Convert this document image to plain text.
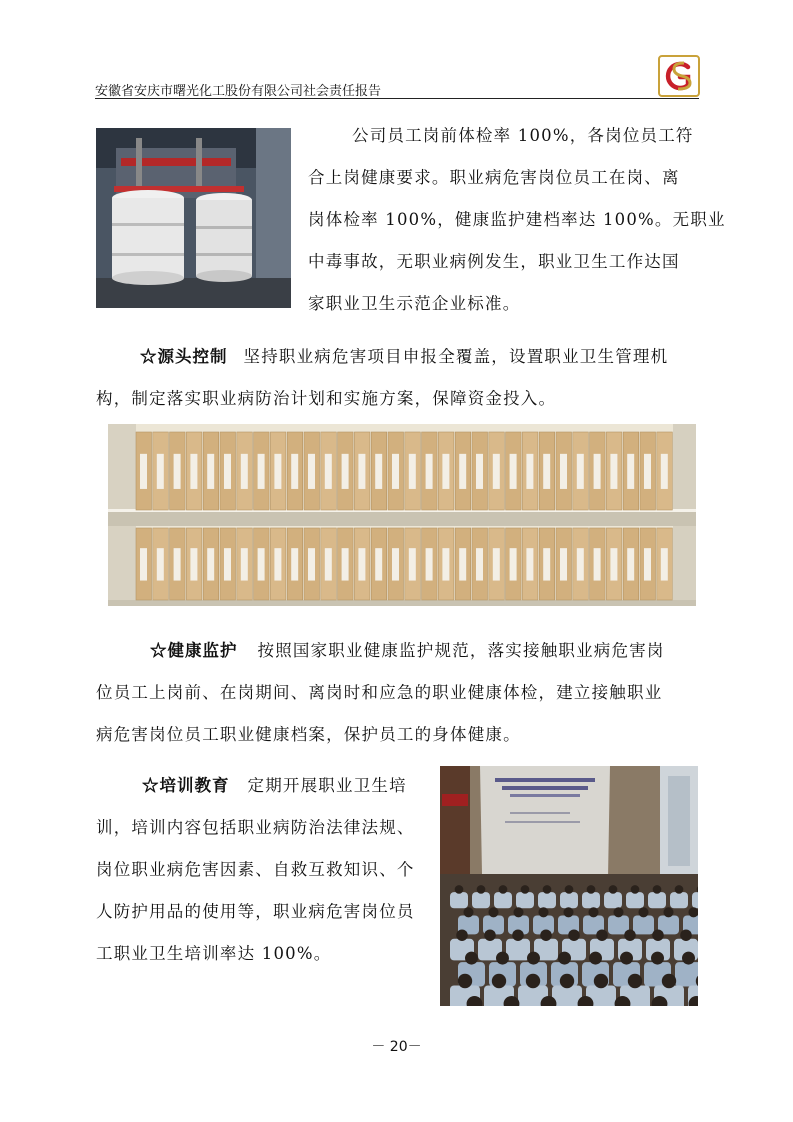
安徽省安庆市曙光化工股份有限公司社会责任报告
公司员工岗前体检率 100%，各岗位员工符
合上岗健康要求。职业病危害岗位员工在岗、离
岗体检率 100%，健康监护建档率达 100%。无职业
中毒事故，无职业病例发生，职业卫生工作达国
家职业卫生示范企业标准。
☆源头控制 坚持职业病危害项目申报全覆盖，设置职业卫生管理机
构，制定落实职业病防治计划和实施方案，保障资金投入。
☆健康监护 按照国家职业健康监护规范，落实接触职业病危害岗
位员工上岗前、在岗期间、离岗时和应急的职业健康体检，建立接触职业
病危害岗位员工职业健康档案，保护员工的身体健康。
☆培训教育 定期开展职业卫生培
训，培训内容包括职业病防治法律法规、
岗位职业病危害因素、自救互救知识、个
人防护用品的使用等，职业病危害岗位员
工职业卫生培训率达 100%。
－ 20－
